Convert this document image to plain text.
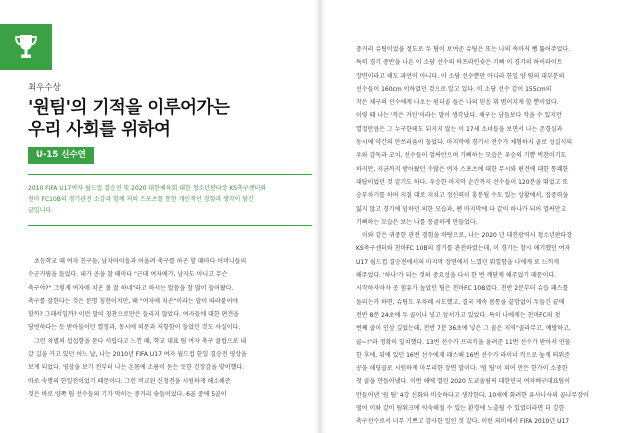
최우수상
'원팀'의 기적을 이루어가는
우리 사회를 위하여
U-15 신수연
2010 FIFA U17여자 월드컵 결승전 및 2020 대한체육회 대한 청소년판타장 KS축구센터와
천마 FC10B의 경기관전 소감과 함께 저의 스포츠를 통한 개인적인 경험과 생각이 담긴
글입니다.
초등학교 때 여자 친구들, 남자아이들과 어울려 축구를 하곤 할 때마다 어머니들의
수군거림을 들었다. 내가 공을 찰 때마다 "근데 여자애가, 남자도 아니고 무슨
축구야?" 그렇게 여자애 치곤 볼 잘 하네"라고 하시는 말씀을 참 많이 들어왔다.
축구를 잘한다는 것은 분명 칭찬이지만, 왜 "여자애 치곤"이라는 말이 따라붙어야
할까? 그래서일까? 이런 말이 칭찬으로만은 들리지 않았다. 여자들에 대한 편견을
당연하다는 듯 받아들이던 열정과, 동시에 의문과 저항함이 들었던 것도 사실이다.
그런 차별의 섭섭함을 묻다 서럽다고 느낀 때, 학교 대표 팀 여자 축구 클럽으로 내
갈 길을 가고 있던 어느 날, 나는 2010년 FIFA U17 여자 월드컵 한일 결승전 영상을
보게 되었다. 영상을 보기 전부터 나는 온몸에 소름이 돋는 듯한 긴장감을 맞이했다.
바로 숙명의 한일전이었기 때문이다. 그런 비교된 신청전을 시원하게 해소해준
것은 바로 양쪽 팀 선수들의 기가 막히는 중거리 슛들이었다. 6골 중에 5골이
중거리 슈팅이었을 정도로 두 팀이 보여준 슈팅은 또는 나의 속마저 뻥 뚫어주었다.
특히 경기 중반을 나온 이 소담 선수의 하프라인슛은 기뻐 이 경기의 하이라이트
장면이라고 해도 과언이 아니다. 이 소담 선수뿐만 아니라 한일 양 팀의 대부분의
선수들이 160cm 이하였던 것으로 알고 있다. 이 소담 선수 같이 155cm의
작은 체구의 선수에게 나오는 원더골 들은 나의 믿음 뭐 범이지게 할 뿐이었다.
이렇 때 나는 '작은 거인'이라는 말이 생각났다. 체구는 남들보다 작을 수 있지만
열정만큼은 그 누구한테도 뒤지지 않는 이 17세 소녀들을 보면서 나는 존경심과
동시에 약간의 안쓰러움이 들었다. 마지막에 경기시 전수가 체형하지 골로 성실식의
우와 감독과 코치, 선수들이 얼싸안으며 기뻐하는 모습은 우승의 기쁨 벅찬이기도
하지만, 지금까지 받아왔던 수많은 여자 스포츠에 대한 무시와 편견에 대한 통쾌한
대답이었던 것 같기도 하다. 우승한 마지막 순간까지 선수들이 120분을 뛰었고 또
승부차기를 하며 지칠 대로 지치고 정신력이 흥분될 수도 있는 상황에서, 집중력을
잃지 않고 경기에 임하던 의한 모습과, 팬 마지막에 다 같이 하나가 되어 얼싸안고
기뻐하는 모습은 보는 나를 뭉클하게 만들었다.
이와 같은 귀중한 관전 경험을 바탕으로, 나는 2020 년 대전광역시 청소년판타장
KS축구센터와 천마FC 10B의 경기를 관전하였는데, 이 경기는 참시 애기했던 여자
U17 월드컵 결승전에서의 마지막 장면에서 느꼈던 뭐낄함을 나에게 또 느끼게
해주었다. '하나'가 되는 것의 중요성을 다시 한 번 깨닫게 해주었기 때문이다.
시작하자마자 공 점유가 높았던 팀은 천마FC 10B였다. 전반 2분부터 슈습 패스를
돌리는가 하면, 슈팅도 우차례 시도했고, 결국 게속 몸통을 끝맘없이 두들긴 끝에
전반 8분 24초에 두 골이나 넣고 앞서가고 있었다. 특히 나에게는 천마FC의 첫
번째 골이 인상 깊었는데, 전반 7분 36초에 넣은 그 골은 지역"골라무고, 예방하고,
골~!"과 정확히 일치했다. 13번 선수가 프리킥을 올려준 11번 선수가 받아서 언올
한 후에, 뒤에 있던 16번 선수에게 패스해 16번 선수가 라이너 킥으로 높게 띄워준
공을 해딩골로 시원하게 마무리한 장면 말이다. '원 팀'이 되어 만든 한가이 소중한
첫 골을 만들어냈다. 이번 해에 열린 2020 도쿄올림픽 대한민국 여자배구대표팀이
만들어낸 '원 팀' 4강 신화와 비슷하다고 생각한다. 10세에 화려한 유사나사의 골나무장이
떨어 이와 같이 팀워크에 익숙해질 수 있는 환경에 노출될 수 있었더라면 더 강한
축구선수로서 너무 기쁘고 감사한 일인 것 같다. 이런 의미에서 FIFA 2010년 U17
